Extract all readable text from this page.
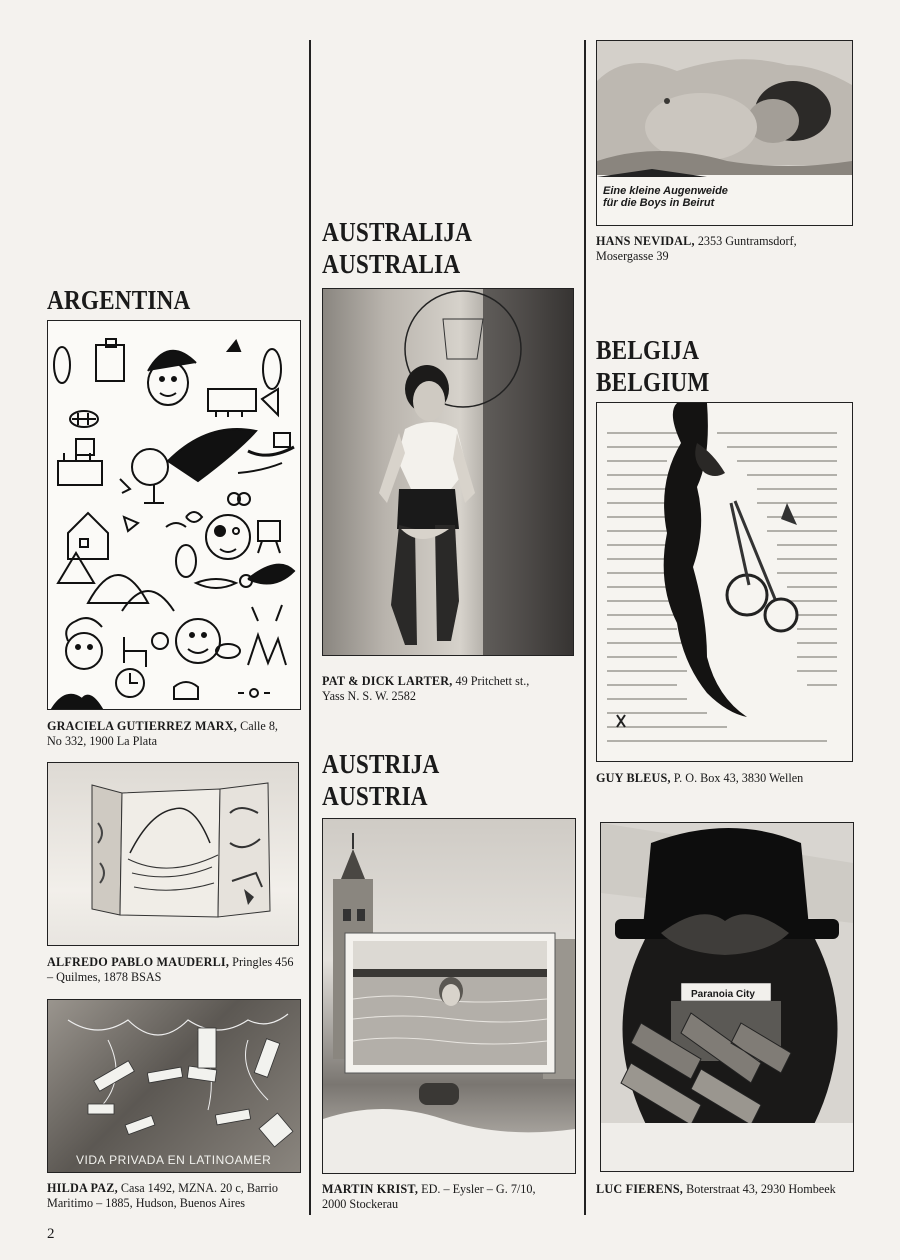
ARGENTINA
GRACIELA GUTIERREZ MARX, Calle 8,
No 332, 1900 La Plata
ALFREDO PABLO MAUDERLI, Pringles 456
– Quilmes, 1878 BSAS
VIDA PRIVADA EN LATINOAMER
HILDA PAZ, Casa 1492, MZNA. 20 c, Barrio
Maritimo – 1885, Hudson, Buenos Aires
AUSTRALIJA
AUSTRALIA
PAT & DICK LARTER, 49 Pritchett st.,
Yass N. S. W. 2582
AUSTRIJA
AUSTRIA
MARTIN KRIST, ED. – Eysler – G. 7/10,
2000 Stockerau
Eine kleine Augenweide
für die Boys in Beirut
HANS NEVIDAL, 2353 Guntramsdorf,
Mosergasse 39
BELGIJA
BELGIUM
GUY BLEUS, P. O. Box 43, 3830 Wellen
Paranoia City
LUC FIERENS, Boterstraat 43, 2930 Hombeek
2
